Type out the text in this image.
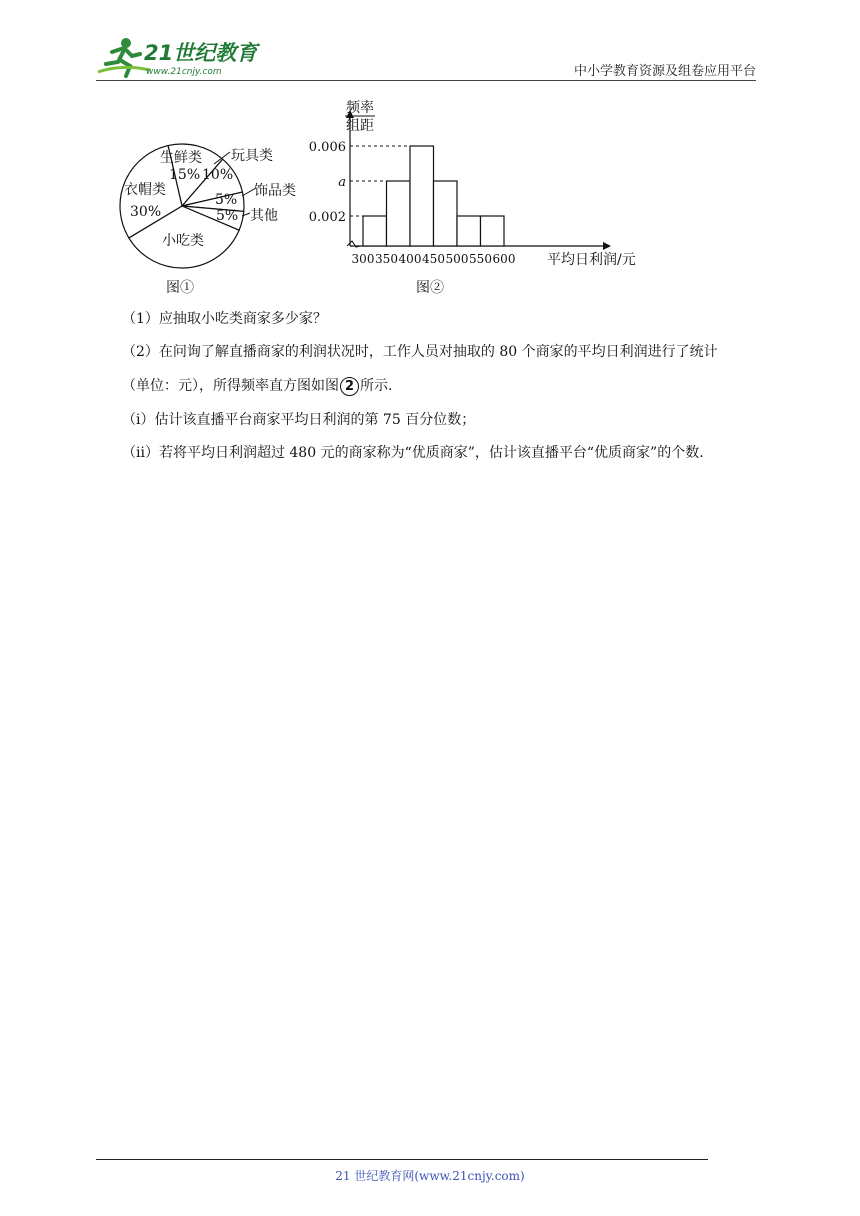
21世纪教育
www.21cnjy.com	中小学教育资源及组卷应用平台
生鲜类
15% 10%
衣帽类
30%
5%
5%
小吃类
玩具类
饰品类
其他
图①
0.006
a
0.002
300 350 400 450 500 550 600
频率
组距
平均日利润/元
图②
（1）应抽取小吃类商家多少家？
（2）在问询了解直播商家的利润状况时，工作人员对抽取的 80 个商家的平均日利润进行了统计
（单位：元），所得频率直方图如图 2 所示.
（i）估计该直播平台商家平均日利润的第 75 百分位数；
（ii）若将平均日利润超过 480 元的商家称为“优质商家”，估计该直播平台“优质商家”的个数.
21 世纪教育网(www.21cnjy.com)
